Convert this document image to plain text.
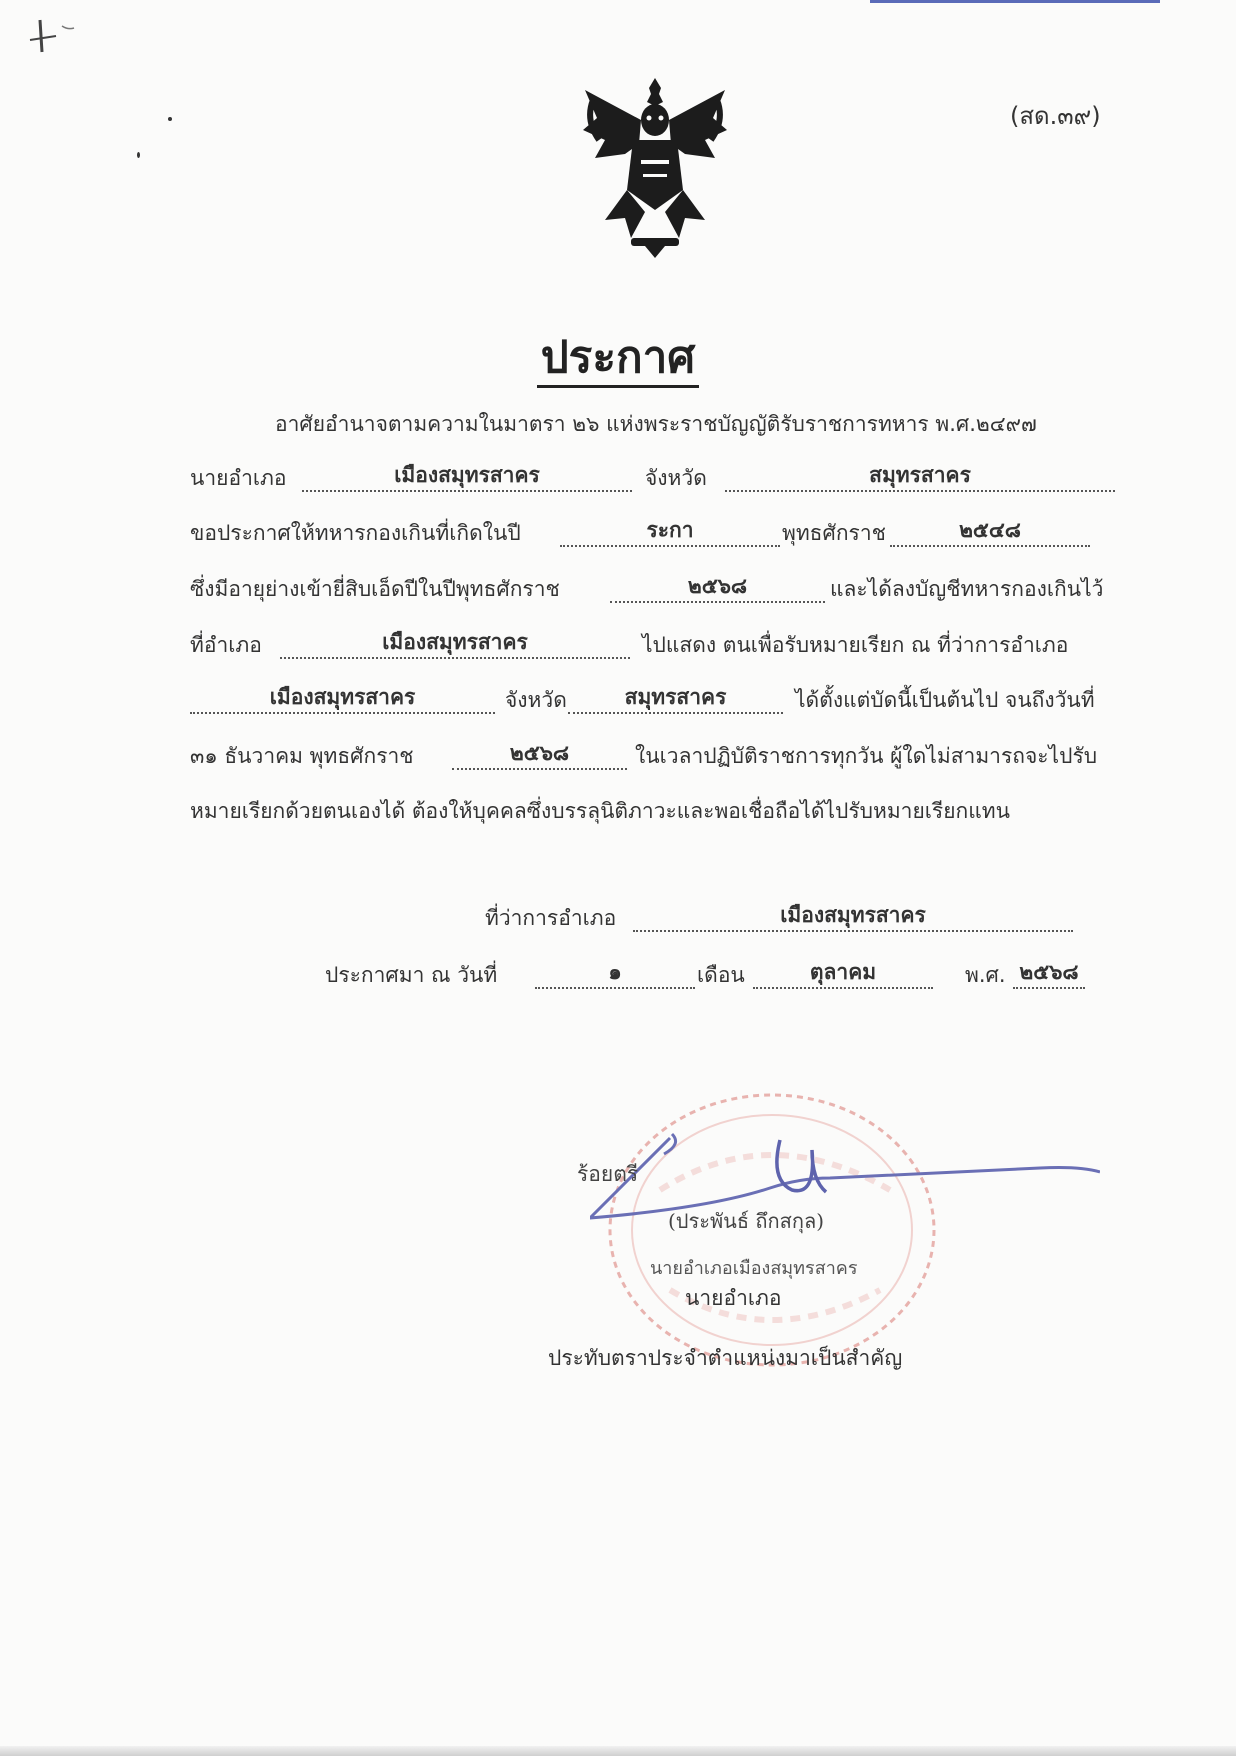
(สด.๓๙)
ประกาศ
อาศัยอำนาจตามความในมาตรา ๒๖ แห่งพระราชบัญญัติรับราชการทหาร พ.ศ.๒๔๙๗
นายอำเภอ	เมืองสมุทรสาคร	จังหวัด	สมุทรสาคร
ขอประกาศให้ทหารกองเกินที่เกิดในปี	ระกา	พุทธศักราช	๒๕๔๘
ซึ่งมีอายุย่างเข้ายี่สิบเอ็ดปีในปีพุทธศักราช	๒๕๖๘	และได้ลงบัญชีทหารกองเกินไว้
ที่อำเภอ	เมืองสมุทรสาคร	ไปแสดง ตนเพื่อรับหมายเรียก ณ ที่ว่าการอำเภอ
เมืองสมุทรสาคร	จังหวัด	สมุทรสาคร	ได้ตั้งแต่บัดนี้เป็นต้นไป จนถึงวันที่
๓๑ ธันวาคม พุทธศักราช	๒๕๖๘	ในเวลาปฏิบัติราชการทุกวัน ผู้ใดไม่สามารถจะไปรับ
หมายเรียกด้วยตนเองได้ ต้องให้บุคคลซึ่งบรรลุนิติภาวะและพอเชื่อถือได้ไปรับหมายเรียกแทน
ที่ว่าการอำเภอ	เมืองสมุทรสาคร
ประกาศมา ณ วันที่	๑	เดือน	ตุลาคม	พ.ศ. ๒๕๖๘
ร้อยตรี
(ประพันธ์ ถึกสกุล)
นายอำเภอเมืองสมุทรสาคร
นายอำเภอ
ประทับตราประจำตำแหน่งมาเป็นสำคัญ
